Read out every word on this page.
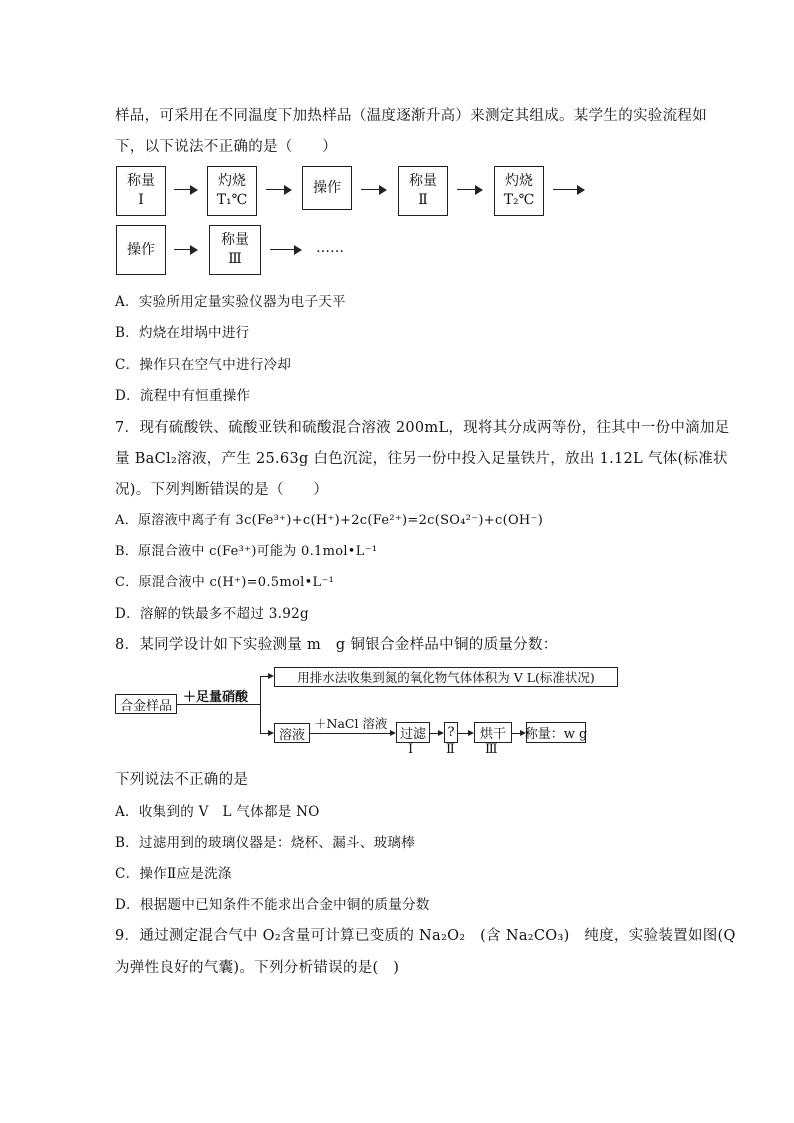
样品，可采用在不同温度下加热样品（温度逐渐升高）来测定其组成。某学生的实验流程如
下，以下说法不正确的是（　　）
称量
Ⅰ
灼烧
T₁℃
操作	称量
Ⅱ
灼烧
T₂℃
操作
称量
Ⅲ
……
A．实验所用定量实验仪器为电子天平
B．灼烧在坩埚中进行
C．操作只在空气中进行冷却
D．流程中有恒重操作
7．现有硫酸铁、硫酸亚铁和硫酸混合溶液 200mL，现将其分成两等份，往其中一份中滴加足
量 BaCl₂溶液，产生 25.63g 白色沉淀，往另一份中投入足量铁片，放出 1.12L 气体(标准状
况)。下列判断错误的是（　　）
A．原溶液中离子有 3c(Fe³⁺)+c(H⁺)+2c(Fe²⁺)=2c(SO₄²⁻)+c(OH⁻)
B．原混合液中 c(Fe³⁺)可能为 0.1mol•L⁻¹
C．原混合液中 c(H⁺)=0.5mol•L⁻¹
D．溶解的铁最多不超过 3.92g
8．某同学设计如下实验测量 m　g 铜银合金样品中铜的质量分数：
合金样品
＋足量硝酸
用排水法收集到氮的氧化物气体体积为 V L(标准状况)
溶液
＋NaCl 溶液
过滤	?	烘干	称量：w g
Ⅰ	Ⅱ Ⅲ
下列说法不正确的是
A．收集到的 V　L 气体都是 NO
B．过滤用到的玻璃仪器是：烧杯、漏斗、玻璃棒
C．操作Ⅱ应是洗涤
D．根据题中已知条件不能求出合金中铜的质量分数
9．通过测定混合气中 O₂含量可计算已变质的 Na₂O₂　(含 Na₂CO₃)　纯度，实验装置如图(Q
为弹性良好的气囊)。下列分析错误的是(　)
